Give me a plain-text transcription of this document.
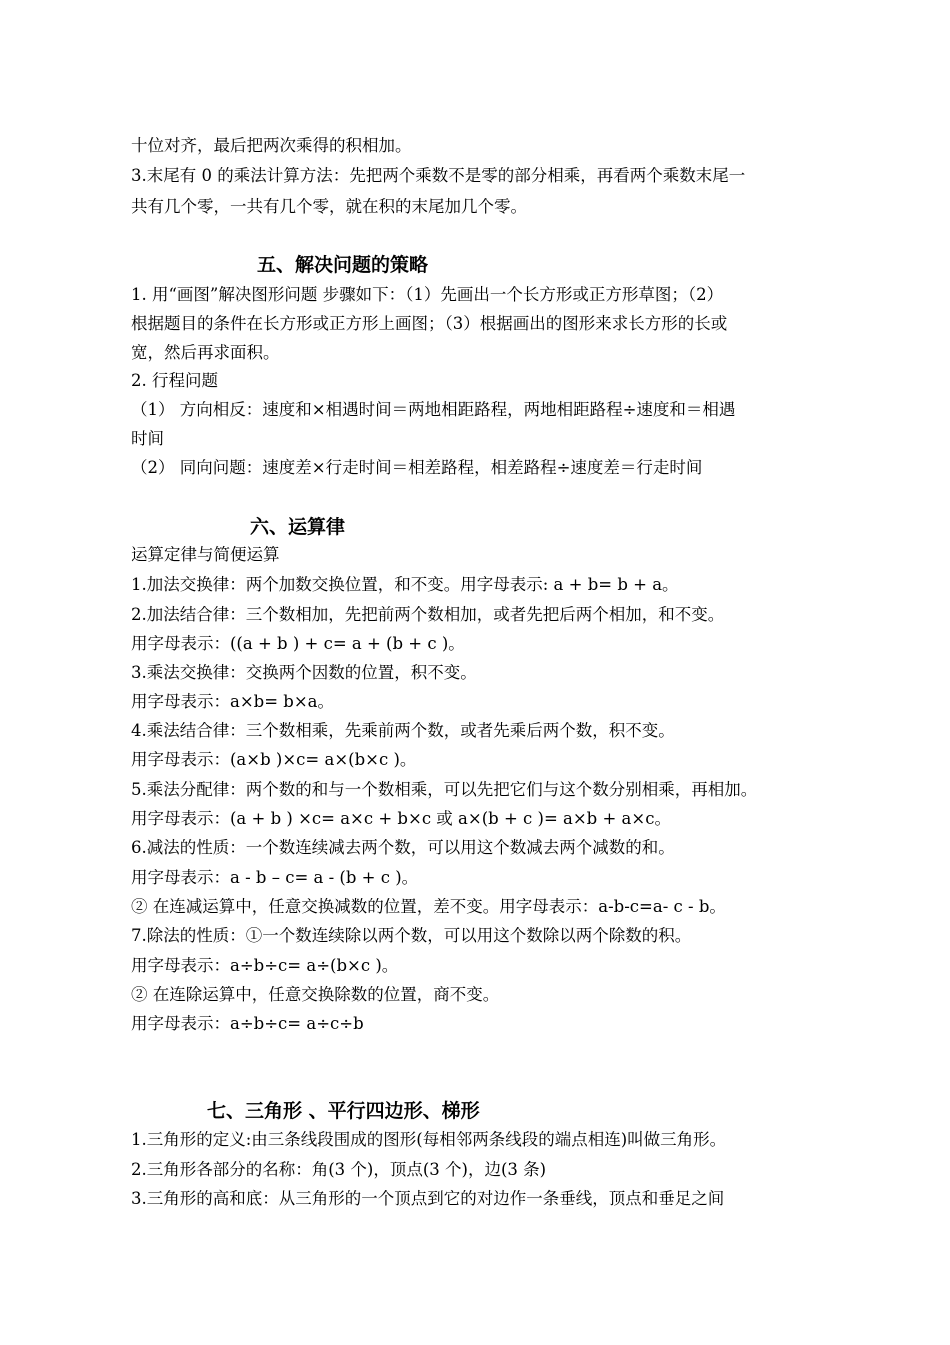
十位对齐，最后把两次乘得的积相加。
3.末尾有 0 的乘法计算方法：先把两个乘数不是零的部分相乘，再看两个乘数末尾一
共有几个零，一共有几个零，就在积的末尾加几个零。
五、解决问题的策略
1. 用“画图”解决图形问题 步骤如下：（1）先画出一个长方形或正方形草图；（2）
根据题目的条件在长方形或正方形上画图；（3）根据画出的图形来求长方形的长或
宽，然后再求面积。
2. 行程问题
（1） 方向相反：速度和×相遇时间＝两地相距路程，两地相距路程÷速度和＝相遇
时间
（2） 同向问题：速度差×行走时间＝相差路程，相差路程÷速度差＝行走时间
六、运算律
运算定律与简便运算
1.加法交换律：两个加数交换位置，和不变。用字母表示: a + b= b + a。
2.加法结合律：三个数相加，先把前两个数相加，或者先把后两个相加，和不变。
用字母表示：((a + b ) + c= a + (b + c )。
3.乘法交换律：交换两个因数的位置，积不变。
用字母表示：a×b= b×a。
4.乘法结合律：三个数相乘，先乘前两个数，或者先乘后两个数，积不变。
用字母表示：(a×b )×c= a×(b×c )。
5.乘法分配律：两个数的和与一个数相乘，可以先把它们与这个数分别相乘，再相加。
用字母表示：(a + b ) ×c= a×c + b×c 或 a×(b + c )= a×b + a×c。
6.减法的性质：一个数连续减去两个数，可以用这个数减去两个减数的和。
用字母表示：a - b – c= a - (b + c )。
② 在连减运算中，任意交换减数的位置，差不变。用字母表示：a-b-c=a- c - b。
7.除法的性质：①一个数连续除以两个数，可以用这个数除以两个除数的积。
用字母表示：a÷b÷c= a÷(b×c )。
② 在连除运算中，任意交换除数的位置，商不变。
用字母表示：a÷b÷c= a÷c÷b
七、三角形 、平行四边形、梯形
1.三角形的定义:由三条线段围成的图形(每相邻两条线段的端点相连)叫做三角形。
2.三角形各部分的名称：角(3 个)，顶点(3 个)，边(3 条)
3.三角形的高和底：从三角形的一个顶点到它的对边作一条垂线，顶点和垂足之间
